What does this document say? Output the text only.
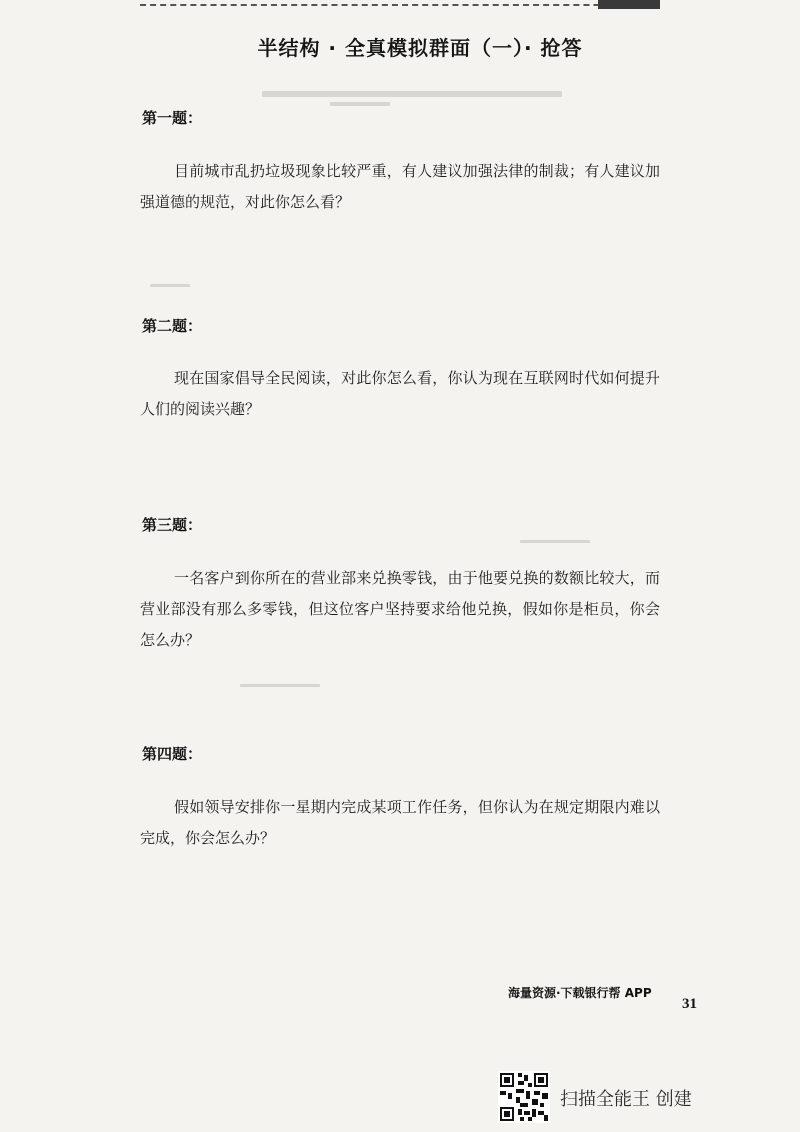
半结构 · 全真模拟群面（一）· 抢答
第一题：
目前城市乱扔垃圾现象比较严重，有人建议加强法律的制裁；有人建议加强道德的规范，对此你怎么看？
第二题：
现在国家倡导全民阅读，对此你怎么看，你认为现在互联网时代如何提升人们的阅读兴趣？
第三题：
一名客户到你所在的营业部来兑换零钱，由于他要兑换的数额比较大，而营业部没有那么多零钱，但这位客户坚持要求给他兑换，假如你是柜员，你会怎么办？
第四题：
假如领导安排你一星期内完成某项工作任务，但你认为在规定期限内难以完成，你会怎么办？
海量资源·下载银行帮 APP
31
扫描全能王 创建
